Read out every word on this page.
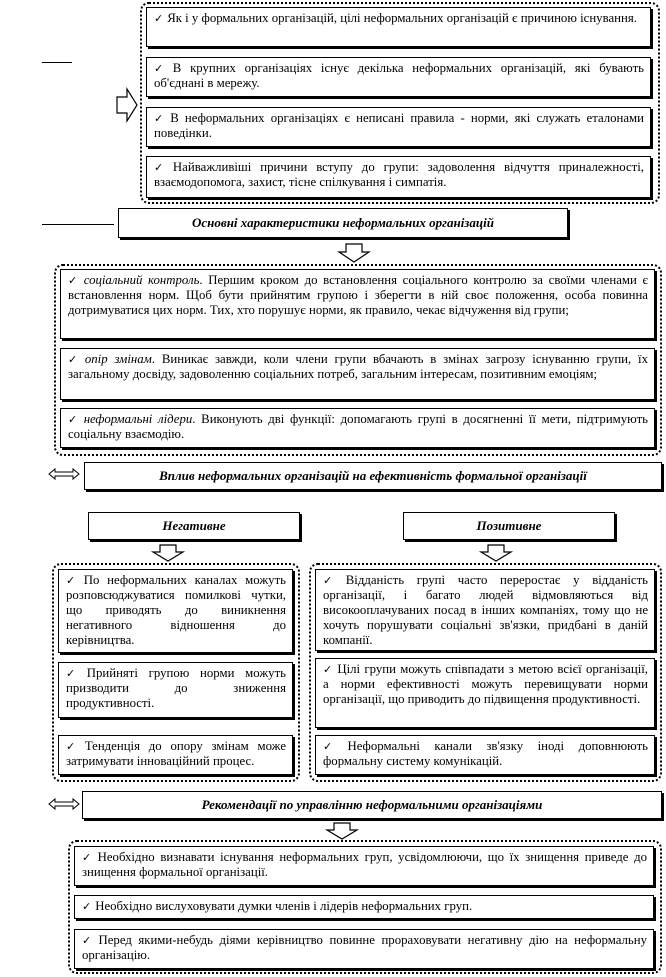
✓ Як і у формальних організацій, цілі неформальних організацій є причиною існування.
✓ В крупних організаціях існує декілька неформальних організацій, які бувають об'єднані в мережу.
✓ В неформальних організаціях є неписані правила - норми, які служать еталонами поведінки.
✓ Найважливіші причини вступу до групи: задоволення відчуття приналежності, взаємодопомога, захист, тісне спілкування і симпатія.
Основні характеристики неформальних організацій
✓ соціальний контроль. Першим кроком до встановлення соціального контролю за своїми членами є встановлення норм. Щоб бути прийнятим групою і зберегти в ній своє положення, особа повинна дотримуватися цих норм. Тих, хто порушує норми, як правило, чекає відчуження від групи;
✓ опір змінам. Виникає завжди, коли члени групи вбачають в змінах загрозу існуванню групи, їх загальному досвіду, задоволенню соціальних потреб, загальним інтересам, позитивним емоціям;
✓ неформальні лідери. Виконують дві функції: допомагають групі в досягненні її мети, підтримують соціальну взаємодію.
Вплив неформальних організацій на ефективність формальної організації
Негативне	Позитивне
✓ По неформальних каналах можуть розповсюджуватися помилкові чутки, що приводять до виникнення негативного відношення до керівництва.
✓ Прийняті групою норми можуть призводити до зниження продуктивності.
✓ Тенденція до опору змінам може затримувати інноваційний процес.
✓ Відданість групі часто переростає у відданість організації, і багато людей відмовляються від високооплачуваних посад в інших компаніях, тому що не хочуть порушувати соціальні зв'язки, придбані в даній компанії.
✓ Цілі групи можуть співпадати з метою всієї організації, а норми ефективності можуть перевищувати норми організації, що приводить до підвищення продуктивності.
✓ Неформальні канали зв'язку іноді доповнюють формальну систему комунікацій.
Рекомендації по управлінню неформальними організаціями
✓ Необхідно визнавати існування неформальних груп, усвідомлюючи, що їх знищення приведе до знищення формальної організації.
✓ Необхідно вислуховувати думки членів і лідерів неформальних груп.
✓ Перед якими-небудь діями керівництво повинне прораховувати негативну дію на неформальну організацію.
